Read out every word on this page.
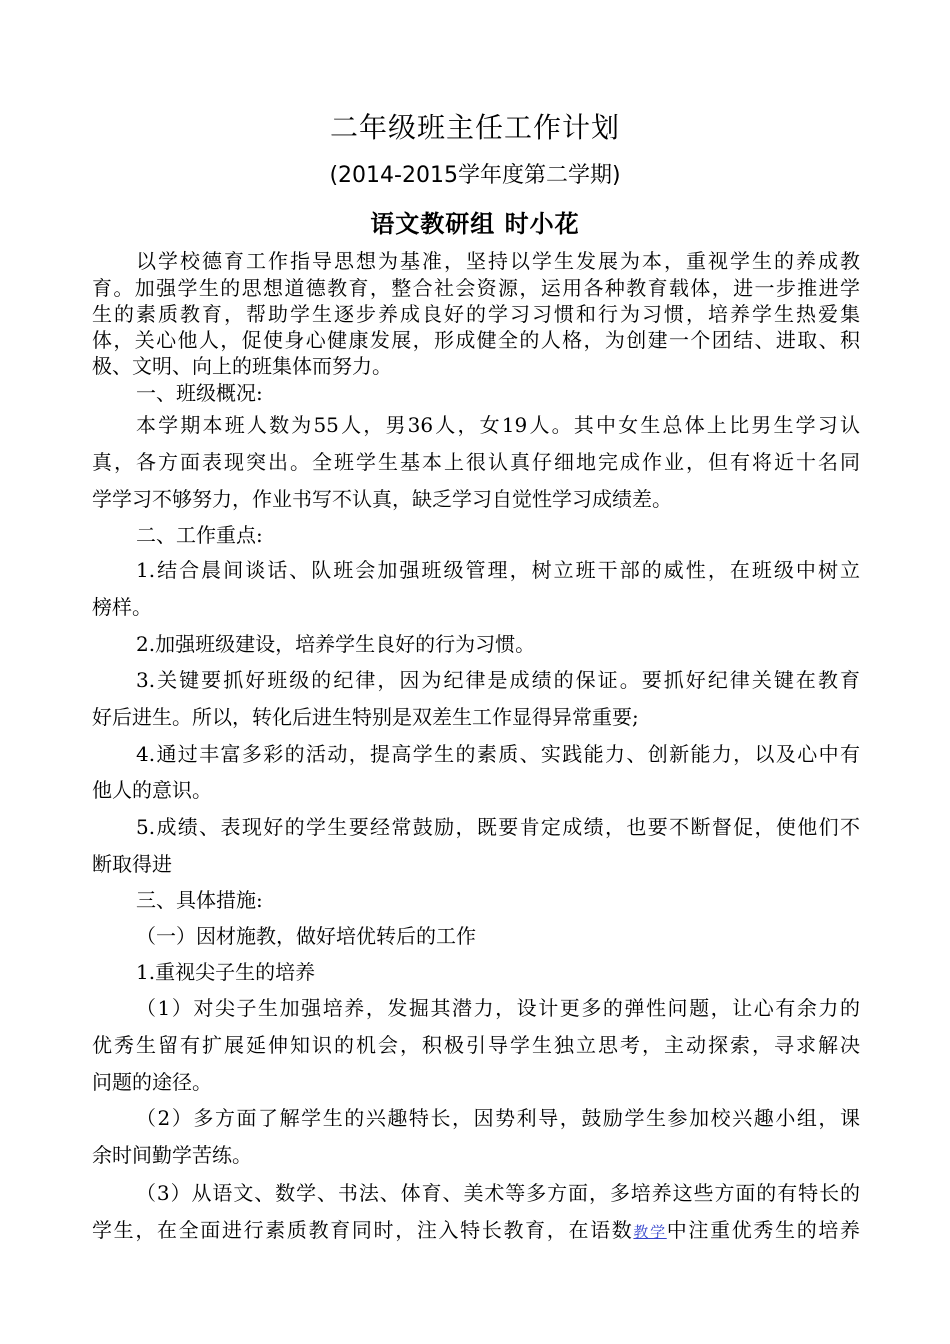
二年级班主任工作计划
(2014-2015学年度第二学期)
语文教研组 时小花
以学校德育工作指导思想为基准，坚持以学生发展为本，重视学生的养成教
育。加强学生的思想道德教育，整合社会资源，运用各种教育载体，进一步推进学
生的素质教育，帮助学生逐步养成良好的学习习惯和行为习惯，培养学生热爱集
体，关心他人，促使身心健康发展，形成健全的人格，为创建一个团结、进取、积
极、文明、向上的班集体而努力。
一、班级概况:
本学期本班人数为55人，男36人，女19人。其中女生总体上比男生学习认
真，各方面表现突出。全班学生基本上很认真仔细地完成作业，但有将近十名同
学学习不够努力，作业书写不认真，缺乏学习自觉性学习成绩差。
二、工作重点:
1.结合晨间谈话、队班会加强班级管理，树立班干部的威性，在班级中树立
榜样。
2.加强班级建设，培养学生良好的行为习惯。
3.关键要抓好班级的纪律，因为纪律是成绩的保证。要抓好纪律关键在教育
好后进生。所以，转化后进生特别是双差生工作显得异常重要;
4.通过丰富多彩的活动，提高学生的素质、实践能力、创新能力，以及心中有
他人的意识。
5.成绩、表现好的学生要经常鼓励，既要肯定成绩，也要不断督促，使他们不
断取得进
三、具体措施:
（一）因材施教，做好培优转后的工作
1.重视尖子生的培养
（1）对尖子生加强培养，发掘其潜力，设计更多的弹性问题，让心有余力的
优秀生留有扩展延伸知识的机会，积极引导学生独立思考，主动探索，寻求解决
问题的途径。
（2）多方面了解学生的兴趣特长，因势利导，鼓励学生参加校兴趣小组，课
余时间勤学苦练。
（3）从语文、数学、书法、体育、美术等多方面，多培养这些方面的有特长的
学生，在全面进行素质教育同时，注入特长教育，在语数教学中注重优秀生的培养
